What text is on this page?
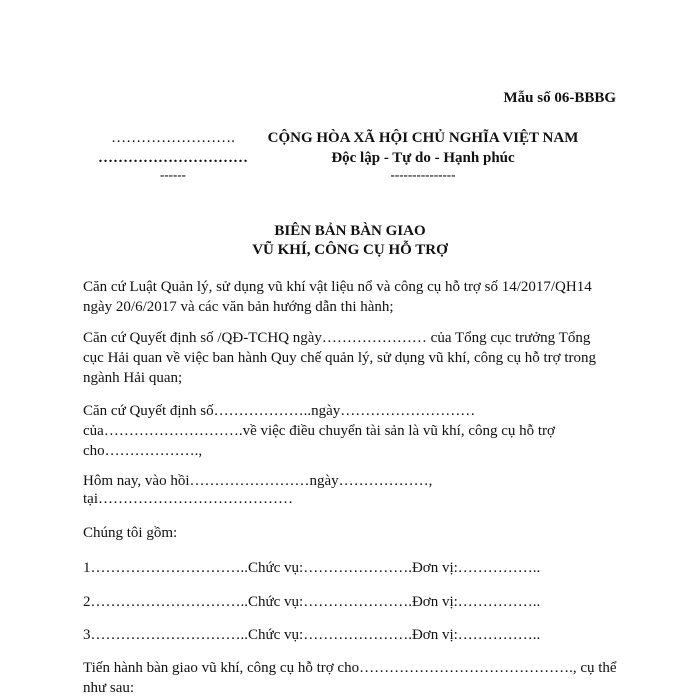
Mẫu số 06-BBBG
…………………….
…………………………
------
CỘNG HÒA XÃ HỘI CHỦ NGHĨA VIỆT NAM
Độc lập - Tự do - Hạnh phúc
---------------
BIÊN BẢN BÀN GIAO
VŨ KHÍ, CÔNG CỤ HỖ TRỢ
Căn cứ Luật Quản lý, sử dụng vũ khí vật liệu nổ và công cụ hỗ trợ số 14/2017/QH14
ngày 20/6/2017 và các văn bản hướng dẫn thi hành;
Căn cứ Quyết định số /QĐ-TCHQ ngày………………… của Tổng cục trưởng Tổng
cục Hải quan về việc ban hành Quy chế quản lý, sử dụng vũ khí, công cụ hỗ trợ trong
ngành Hải quan;
Căn cứ Quyết định số………………..ngày………………………
của……………………….về việc điều chuyển tài sản là vũ khí, công cụ hỗ trợ
cho……………….,
Hôm nay, vào hồi……………………ngày………………,
tại…………………………………
Chúng tôi gồm:
1…………………………..Chức vụ:………………….Đơn vị:……………..
2…………………………..Chức vụ:………………….Đơn vị:……………..
3…………………………..Chức vụ:………………….Đơn vị:……………..
Tiến hành bàn giao vũ khí, công cụ hỗ trợ cho……………………………………., cụ thể
như sau:
